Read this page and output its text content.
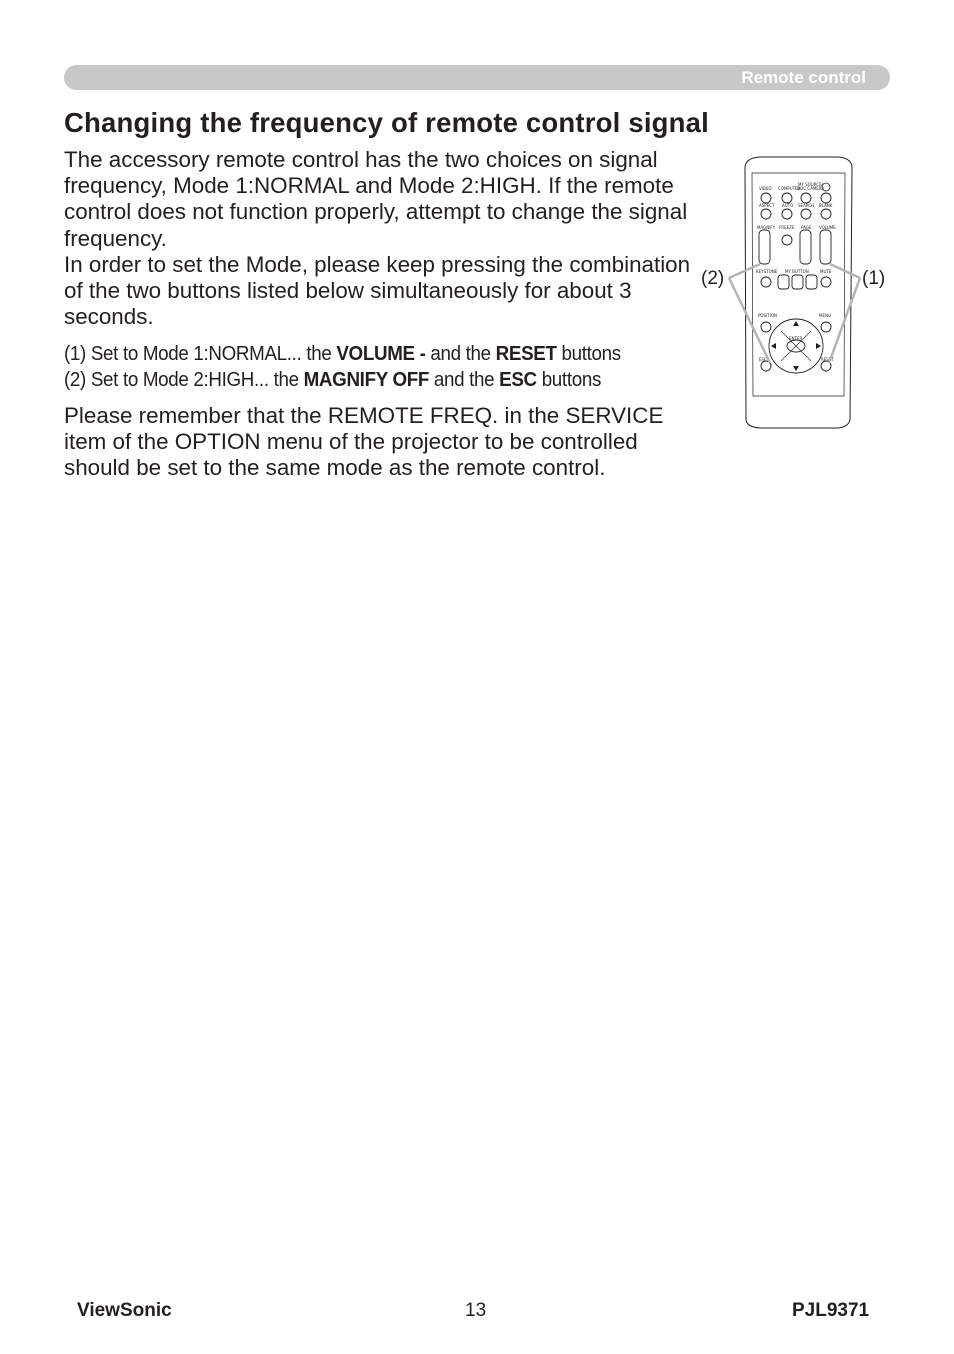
Remote control
Changing the frequency of remote control signal

The accessory remote control has the two choices on signal frequency, Mode 1:NORMAL and Mode 2:HIGH. If the remote control does not function properly, attempt to change the signal frequency.

In order to set the Mode, please keep pressing the combination of the two buttons listed below simultaneously for about 3 seconds.

(1) Set to Mode 1:NORMAL... the VOLUME - and the RESET buttons
(2) Set to Mode 2:HIGH... the MAGNIFY OFF and the ESC buttons

Please remember that the REMOTE FREQ. in the SERVICE item of the OPTION menu of the projector to be controlled should be set to the same mode as the remote control.

VIDEO COMPUTER
MY SOURCE/
DOC.CAMERA
ASPECT AUTO SEARCH BLANK
MAGNIFY FREEZE PAGE VOLUME
KEYSTONE MY BUTTON	MUTE
POSITION	MENU
ENTER
ESC	RESET
(2)	(1)
ViewSonic	13	PJL9371
